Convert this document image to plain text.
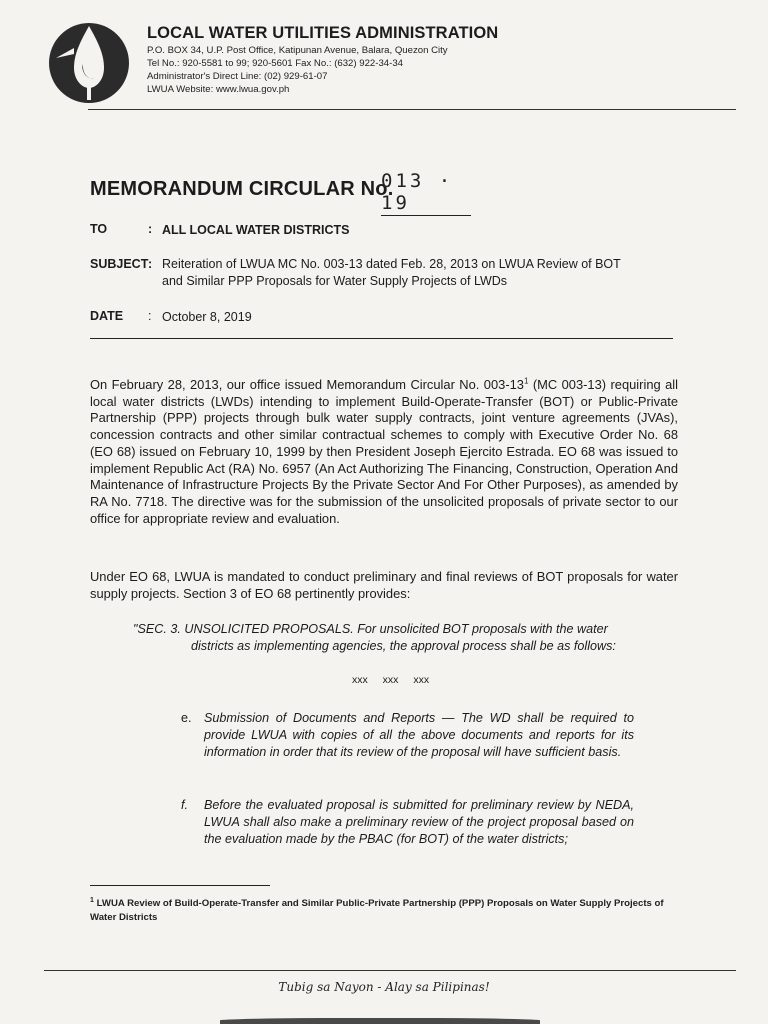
LOCAL WATER UTILITIES ADMINISTRATION
P.O. BOX 34, U.P. Post Office, Katipunan Avenue, Balara, Quezon City
Tel No.: 920-5581 to 99; 920-5601 Fax No.: (632) 922-34-34
Administrator's Direct Line: (02) 929-61-07
LWUA Website: www.lwua.gov.ph
MEMORANDUM CIRCULAR No.
013 · 19
TO	: ALL LOCAL WATER DISTRICTS
SUBJECT : Reiteration of LWUA MC No. 003-13 dated Feb. 28, 2013 on LWUA Review of BOT
and Similar PPP Proposals for Water Supply Projects of LWDs
DATE : October 8, 2019
On February 28, 2013, our office issued Memorandum Circular No. $003-13^1$ (MC 003-13) requiring all local water districts (LWDs) intending to implement Build-Operate-Transfer (BOT) or Public-Private Partnership (PPP) projects through bulk water supply contracts, joint venture agreements (JVAs), concession contracts and other similar contractual schemes to comply with Executive Order No. 68 (EO 68) issued on February 10, 1999 by then President Joseph Ejercito Estrada. EO 68 was issued to implement Republic Act (RA) No. 6957 (An Act Authorizing The Financing, Construction, Operation And Maintenance of Infrastructure Projects By the Private Sector And For Other Purposes), as amended by RA No. 7718. The directive was for the submission of the unsolicited proposals of private sector to our office for appropriate review and evaluation.
Under EO 68, LWUA is mandated to conduct preliminary and final reviews of BOT proposals for water supply projects. Section 3 of EO 68 pertinently provides:
"SEC. 3. UNSOLICITED PROPOSALS. For unsolicited BOT proposals with the water
districts as implementing agencies, the approval process shall be as follows:
xxx xxx xxx
e. Submission of Documents and Reports — The WD shall be required to provide LWUA with copies of all the above documents and reports for its information in order that its review of the proposal will have sufficient basis.
f. Before the evaluated proposal is submitted for preliminary review by NEDA, LWUA shall also make a preliminary review of the project proposal based on the evaluation made by the PBAC (for BOT) of the water districts;
$^1$ LWUA Review of Build-Operate-Transfer and Similar Public-Private Partnership (PPP) Proposals on Water Supply Projects of Water Districts
Tubig sa Nayon - Alay sa Pilipinas!
